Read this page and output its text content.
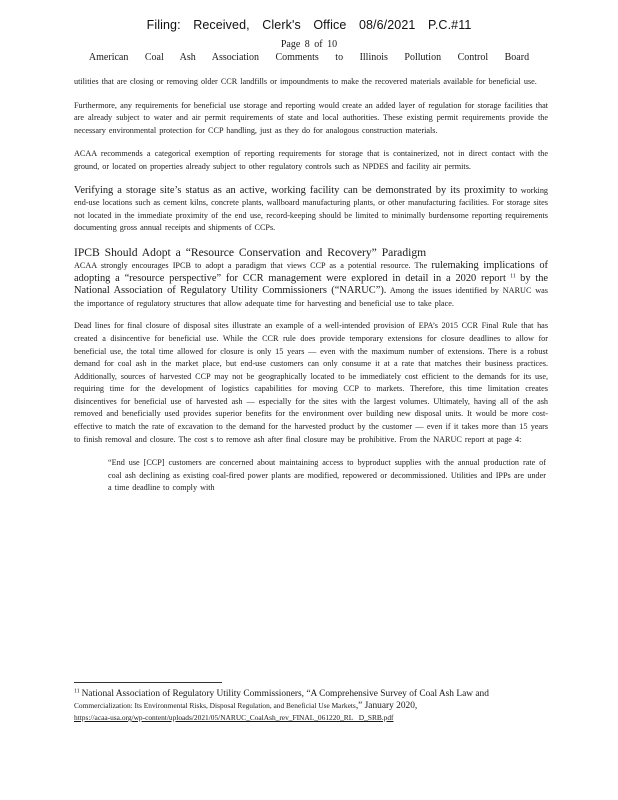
Filing: Received, Clerk's Office 08/6/2021 P.C.#11
Page 8 of 10
American Coal Ash Association Comments to Illinois Pollution Control Board

utilities that are closing or removing older CCR landfills or impoundments to make the recovered materials available for beneficial use.

Furthermore, any requirements for beneficial use storage and reporting would create an added layer of regulation for storage facilities that are already subject to water and air permit requirements of state and local authorities. These existing permit requirements provide the necessary environmental protection for CCP handling, just as they do for analogous construction materials.

ACAA recommends a categorical exemption of reporting requirements for storage that is containerized, not in direct contact with the ground, or located on properties already subject to other regulatory controls such as NPDES and facility air permits.

Verifying a storage site’s status as an active, working facility can be demonstrated by its proximity to working end-use locations such as cement kilns, concrete plants, wallboard manufacturing plants, or other manufacturing facilities. For storage sites not located in the immediate proximity of the end use, record-keeping should be limited to minimally burdensome reporting requirements documenting gross annual receipts and shipments of CCPs.

IPCB Should Adopt a “Resource Conservation and Recovery” Paradigm

ACAA strongly encourages IPCB to adopt a paradigm that views CCP as a potential resource. The rulemaking implications of adopting a “resource perspective” for CCR management were explored in detail in a 2020 report $^{11}$ by the National Association of Regulatory Utility Commissioners (“NARUC”). Among the issues identified by NARUC was the importance of regulatory structures that allow adequate time for harvesting and beneficial use to take place.

Dead lines for final closure of disposal sites illustrate an example of a well-intended provision of EPA’s 2015 CCR Final Rule that has created a disincentive for beneficial use. While the CCR rule does provide temporary extensions for closure deadlines to allow for beneficial use, the total time allowed for closure is only 15 years — even with the maximum number of extensions. There is a robust demand for coal ash in the market place, but end-use customers can only consume it at a rate that matches their business practices. Additionally, sources of harvested CCP may not be geographically located to be immediately cost efficient to the demands for its use, requiring time for the development of logistics capabilities for moving CCP to markets. Therefore, this time limitation creates disincentives for beneficial use of harvested ash — especially for the sites with the largest volumes. Ultimately, having all of the ash removed and beneficially used provides superior benefits for the environment over building new disposal units. It would be more cost-effective to match the rate of excavation to the demand for the harvested product by the customer — even if it takes more than 15 years to finish removal and closure. The cost s to remove ash after final closure may be prohibitive. From the NARUC report at page 4:

“End use [CCP] customers are concerned about maintaining access to byproduct supplies with the annual production rate of coal ash declining as existing coal-fired power plants are modified, repowered or decommissioned. Utilities and IPPs are under a time deadline to comply with

$^{11}$ National Association of Regulatory Utility Commissioners, “A Comprehensive Survey of Coal Ash Law and
Commercialization: Its Environmental Risks, Disposal Regulation, and Beneficial Use Markets,” January 2020,
https://acaa-usa.org/wp-content/uploads/2021/05/NARUC_CoalAsh_rev_FINAL_061220_RL D_SRB.pdf
